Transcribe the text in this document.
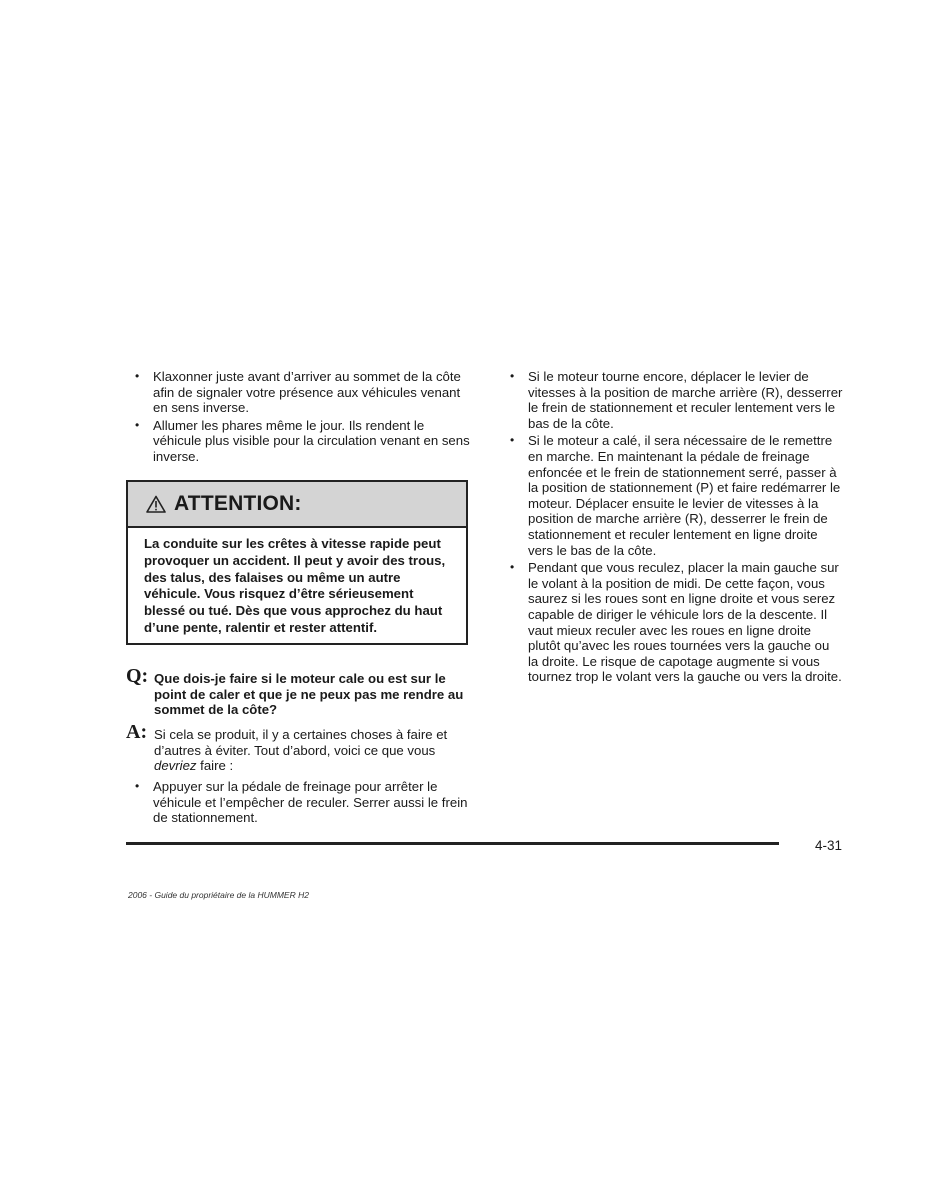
• Klaxonner juste avant d’arriver au sommet de la côte afin de signaler votre présence aux véhicules venant en sens inverse.
• Allumer les phares même le jour. Ils rendent le véhicule plus visible pour la circulation venant en sens inverse.
ATTENTION:
La conduite sur les crêtes à vitesse rapide peut provoquer un accident. Il peut y avoir des trous, des talus, des falaises ou même un autre véhicule. Vous risquez d’être sérieusement blessé ou tué. Dès que vous approchez du haut d’une pente, ralentir et rester attentif.
Q: Que dois-je faire si le moteur cale ou est sur le point de caler et que je ne peux pas me rendre au sommet de la côte?
A: Si cela se produit, il y a certaines choses à faire et d’autres à éviter. Tout d’abord, voici ce que vous devriez faire :
• Appuyer sur la pédale de freinage pour arrêter le véhicule et l’empêcher de reculer. Serrer aussi le frein de stationnement.
• Si le moteur tourne encore, déplacer le levier de vitesses à la position de marche arrière (R), desserrer le frein de stationnement et reculer lentement vers le bas de la côte.
• Si le moteur a calé, il sera nécessaire de le remettre en marche. En maintenant la pédale de freinage enfoncée et le frein de stationnement serré, passer à la position de stationnement (P) et faire redémarrer le moteur. Déplacer ensuite le levier de vitesses à la position de marche arrière (R), desserrer le frein de stationnement et reculer lentement en ligne droite vers le bas de la côte.
• Pendant que vous reculez, placer la main gauche sur le volant à la position de midi. De cette façon, vous saurez si les roues sont en ligne droite et vous serez capable de diriger le véhicule lors de la descente. Il vaut mieux reculer avec les roues en ligne droite plutôt qu’avec les roues tournées vers la gauche ou la droite. Le risque de capotage augmente si vous tournez trop le volant vers la gauche ou vers la droite.
4-31
2006 - Guide du propriétaire de la HUMMER H2
